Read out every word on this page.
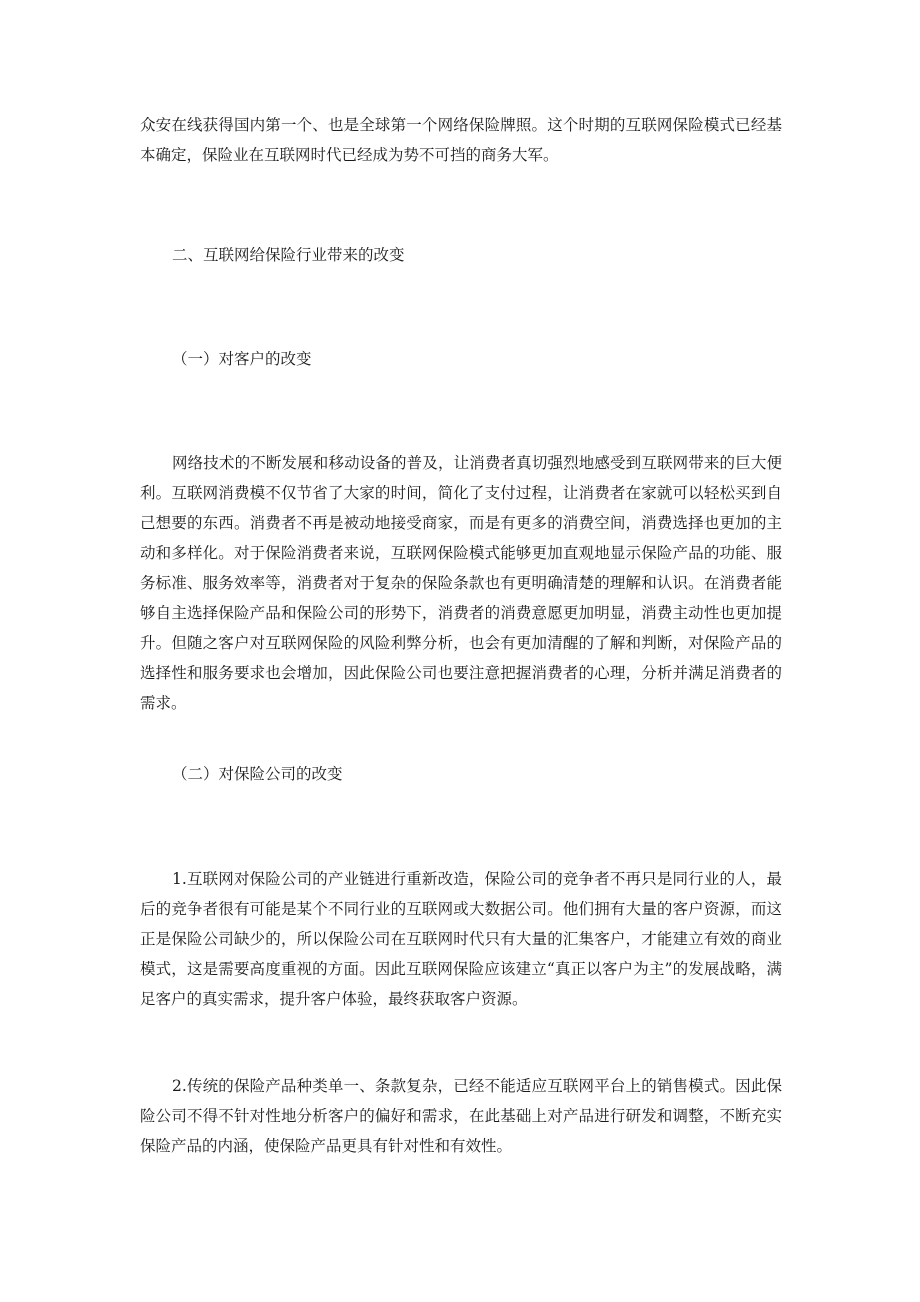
众安在线获得国内第一个、也是全球第一个网络保险牌照。这个时期的互联网保险模式已经基本确定，保险业在互联网时代已经成为势不可挡的商务大军。

二、互联网给保险行业带来的改变

（一）对客户的改变

网络技术的不断发展和移动设备的普及，让消费者真切强烈地感受到互联网带来的巨大便利。互联网消费模不仅节省了大家的时间，简化了支付过程，让消费者在家就可以轻松买到自己想要的东西。消费者不再是被动地接受商家，而是有更多的消费空间，消费选择也更加的主动和多样化。对于保险消费者来说，互联网保险模式能够更加直观地显示保险产品的功能、服务标准、服务效率等，消费者对于复杂的保险条款也有更明确清楚的理解和认识。在消费者能够自主选择保险产品和保险公司的形势下，消费者的消费意愿更加明显，消费主动性也更加提升。但随之客户对互联网保险的风险利弊分析，也会有更加清醒的了解和判断，对保险产品的选择性和服务要求也会增加，因此保险公司也要注意把握消费者的心理，分析并满足消费者的需求。

（二）对保险公司的改变

1.互联网对保险公司的产业链进行重新改造，保险公司的竞争者不再只是同行业的人，最后的竞争者很有可能是某个不同行业的互联网或大数据公司。他们拥有大量的客户资源，而这正是保险公司缺少的，所以保险公司在互联网时代只有大量的汇集客户，才能建立有效的商业模式，这是需要高度重视的方面。因此互联网保险应该建立“真正以客户为主”的发展战略，满足客户的真实需求，提升客户体验，最终获取客户资源。

2.传统的保险产品种类单一、条款复杂，已经不能适应互联网平台上的销售模式。因此保险公司不得不针对性地分析客户的偏好和需求，在此基础上对产品进行研发和调整，不断充实保险产品的内涵，使保险产品更具有针对性和有效性。
